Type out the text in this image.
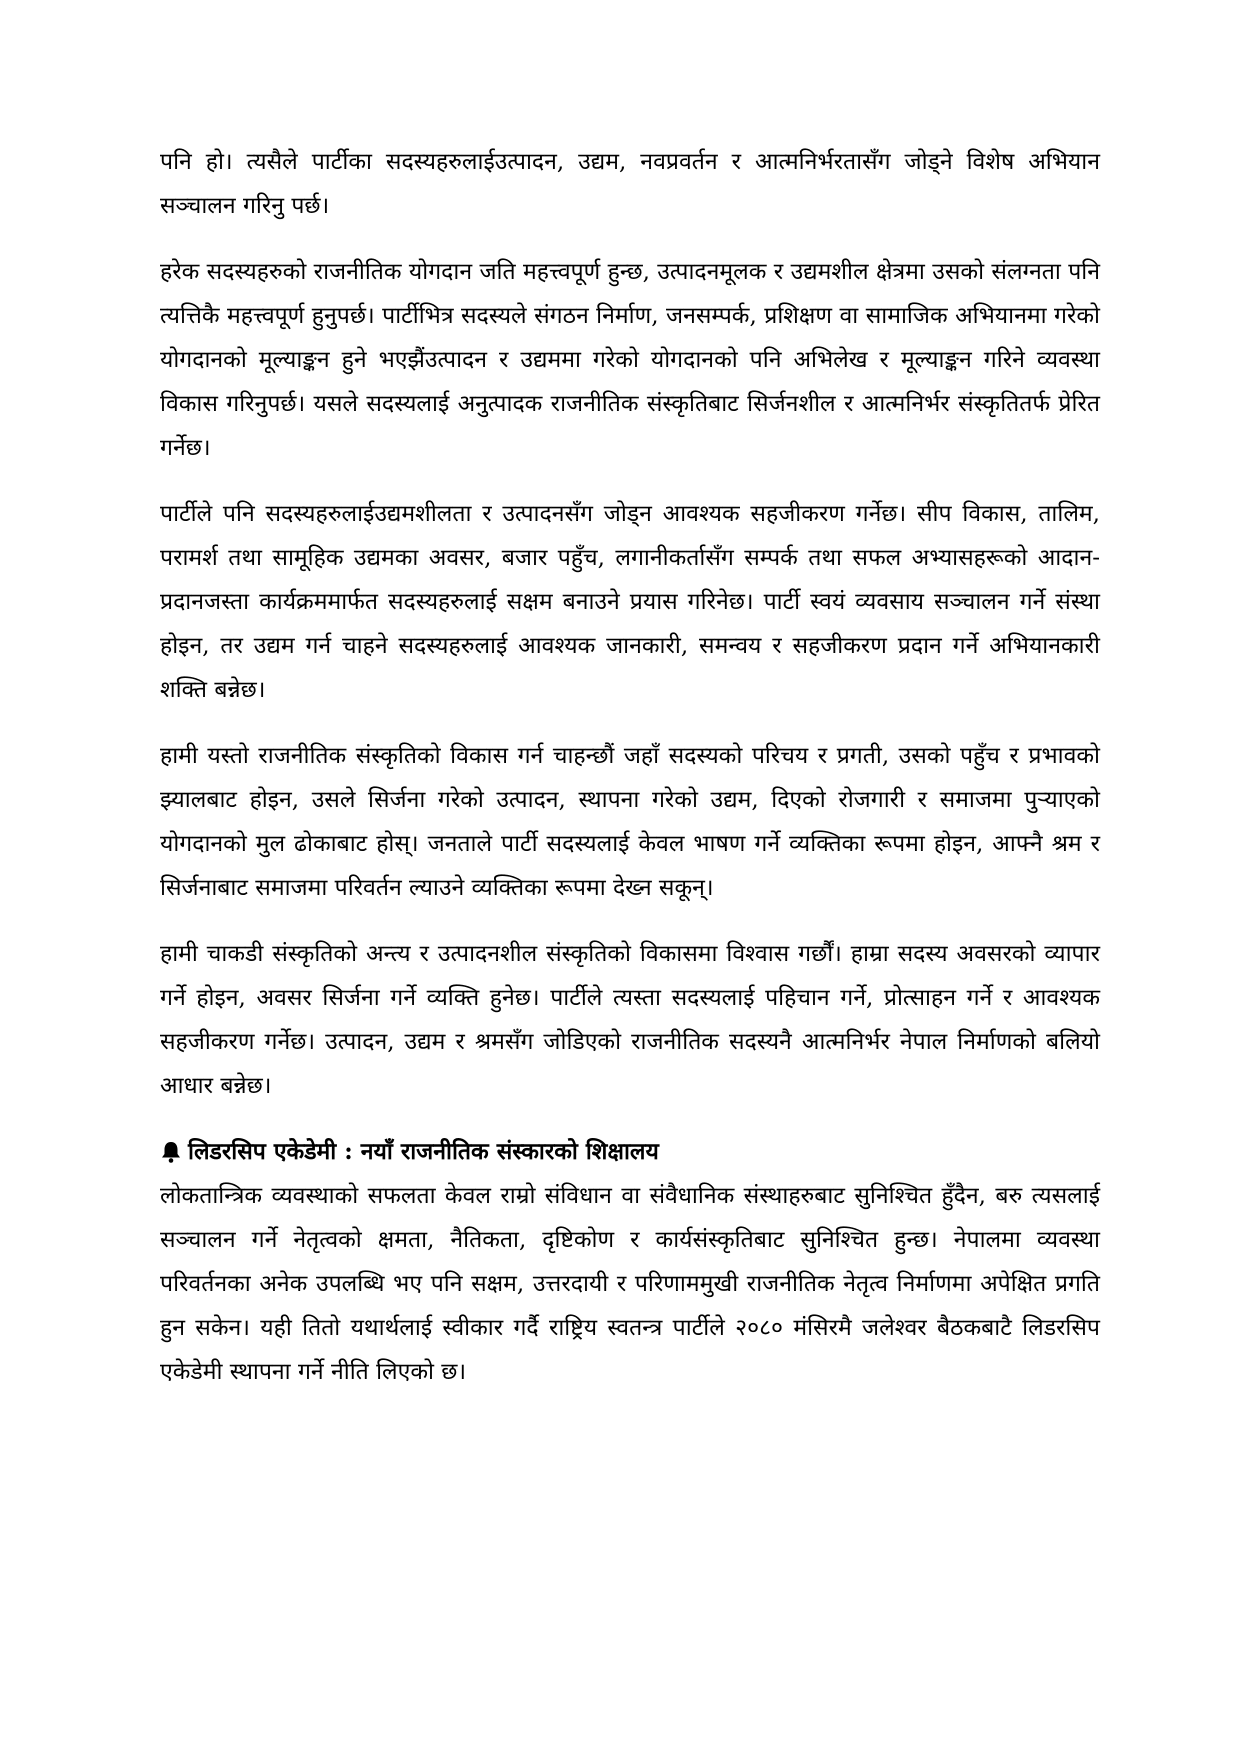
पनि हो। त्यसैले पार्टीका सदस्यहरुलाईउत्पादन, उद्यम, नवप्रवर्तन र आत्मनिर्भरतासँग जोड्ने विशेष अभियान सञ्चालन गरिनु पर्छ।

हरेक सदस्यहरुको राजनीतिक योगदान जति महत्त्वपूर्ण हुन्छ, उत्पादनमूलक र उद्यमशील क्षेत्रमा उसको संलग्नता पनि त्यत्तिकै महत्त्वपूर्ण हुनुपर्छ। पार्टीभित्र सदस्यले संगठन निर्माण, जनसम्पर्क, प्रशिक्षण वा सामाजिक अभियानमा गरेको योगदानको मूल्याङ्कन हुने भएझैंउत्पादन र उद्यममा गरेको योगदानको पनि अभिलेख र मूल्याङ्कन गरिने व्यवस्था विकास गरिनुपर्छ। यसले सदस्यलाई अनुत्पादक राजनीतिक संस्कृतिबाट सिर्जनशील र आत्मनिर्भर संस्कृतितर्फ प्रेरित गर्नेछ।

पार्टीले पनि सदस्यहरुलाईउद्यमशीलता र उत्पादनसँग जोड्न आवश्यक सहजीकरण गर्नेछ। सीप विकास, तालिम, परामर्श तथा सामूहिक उद्यमका अवसर, बजार पहुँच, लगानीकर्तासँग सम्पर्क तथा सफल अभ्यासहरूको आदान-प्रदानजस्ता कार्यक्रममार्फत सदस्यहरुलाई सक्षम बनाउने प्रयास गरिनेछ। पार्टी स्वयं व्यवसाय सञ्चालन गर्ने संस्था होइन, तर उद्यम गर्न चाहने सदस्यहरुलाई आवश्यक जानकारी, समन्वय र सहजीकरण प्रदान गर्ने अभियानकारी शक्ति बन्नेछ।

हामी यस्तो राजनीतिक संस्कृतिको विकास गर्न चाहन्छौं जहाँ सदस्यको परिचय र प्रगती, उसको पहुँच र प्रभावको झ्यालबाट होइन, उसले सिर्जना गरेको उत्पादन, स्थापना गरेको उद्यम, दिएको रोजगारी र समाजमा पुऱ्याएको योगदानको मुल ढोकाबाट होस्। जनताले पार्टी सदस्यलाई केवल भाषण गर्ने व्यक्तिका रूपमा होइन, आफ्नै श्रम र सिर्जनाबाट समाजमा परिवर्तन ल्याउने व्यक्तिका रूपमा देख्न सकून्।

हामी चाकडी संस्कृतिको अन्त्य र उत्पादनशील संस्कृतिको विकासमा विश्वास गर्छौं। हाम्रा सदस्य अवसरको व्यापार गर्ने होइन, अवसर सिर्जना गर्ने व्यक्ति हुनेछ। पार्टीले त्यस्ता सदस्यलाई पहिचान गर्ने, प्रोत्साहन गर्ने र आवश्यक सहजीकरण गर्नेछ। उत्पादन, उद्यम र श्रमसँग जोडिएको राजनीतिक सदस्यनै आत्मनिर्भर नेपाल निर्माणको बलियो आधार बन्नेछ।

लिडरसिप एकेडेमी : नयाँ राजनीतिक संस्कारको शिक्षालय

लोकतान्त्रिक व्यवस्थाको सफलता केवल राम्रो संविधान वा संवैधानिक संस्थाहरुबाट सुनिश्चित हुँदैन, बरु त्यसलाई सञ्चालन गर्ने नेतृत्वको क्षमता, नैतिकता, दृष्टिकोण र कार्यसंस्कृतिबाट सुनिश्चित हुन्छ। नेपालमा व्यवस्था परिवर्तनका अनेक उपलब्धि भए पनि सक्षम, उत्तरदायी र परिणाममुखी राजनीतिक नेतृत्व निर्माणमा अपेक्षित प्रगति हुन सकेन। यही तितो यथार्थलाई स्वीकार गर्दै राष्ट्रिय स्वतन्त्र पार्टीले २०८० मंसिरमै जलेश्वर बैठकबाटै लिडरसिप एकेडेमी स्थापना गर्ने नीति लिएको छ।
